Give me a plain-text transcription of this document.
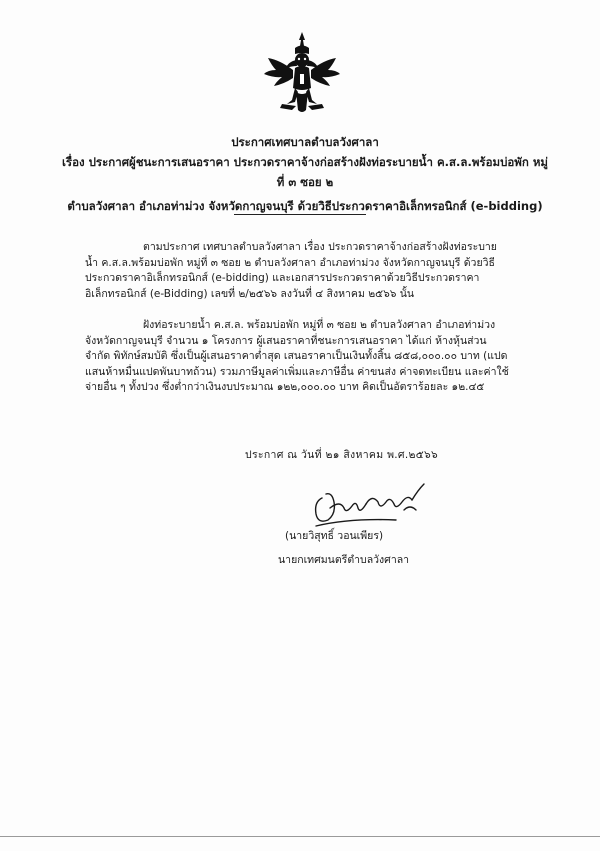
ประกาศเทศบาลตำบลวังศาลา
เรื่อง ประกาศผู้ชนะการเสนอราคา ประกวดราคาจ้างก่อสร้างฝังท่อระบายน้ำ ค.ส.ล.พร้อมบ่อพัก หมู่ที่ ๓ ซอย ๒
ตำบลวังศาลา อำเภอท่าม่วง จังหวัดกาญจนบุรี ด้วยวิธีประกวดราคาอิเล็กทรอนิกส์ (e-bidding)
ตามประกาศ เทศบาลตำบลวังศาลา เรื่อง ประกวดราคาจ้างก่อสร้างฝังท่อระบายน้ำ ค.ส.ล.พร้อมบ่อพัก หมู่ที่ ๓ ซอย ๒ ตำบลวังศาลา อำเภอท่าม่วง จังหวัดกาญจนบุรี ด้วยวิธีประกวดราคาอิเล็กทรอนิกส์ (e-bidding) และเอกสารประกวดราคาด้วยวิธีประกวดราคาอิเล็กทรอนิกส์ (e-Bidding) เลขที่ ๒/๒๕๖๖ ลงวันที่ ๔ สิงหาคม ๒๕๖๖ นั้น
ฝังท่อระบายน้ำ ค.ส.ล. พร้อมบ่อพัก หมู่ที่ ๓ ซอย ๒ ตำบลวังศาลา อำเภอท่าม่วง จังหวัดกาญจนบุรี จำนวน ๑ โครงการ ผู้เสนอราคาที่ชนะการเสนอราคา ได้แก่ ห้างหุ้นส่วนจำกัด พิทักษ์สมบัติ ซึ่งเป็นผู้เสนอราคาต่ำสุด เสนอราคาเป็นเงินทั้งสิ้น ๘๕๘,๐๐๐.๐๐ บาท (แปดแสนห้าหมื่นแปดพันบาทถ้วน) รวมภาษีมูลค่าเพิ่มและภาษีอื่น ค่าขนส่ง ค่าจดทะเบียน และค่าใช้จ่ายอื่น ๆ ทั้งปวง ซึ่งต่ำกว่าเงินงบประมาณ ๑๒๒,๐๐๐.๐๐ บาท คิดเป็นอัตราร้อยละ ๑๒.๔๕
ประกาศ ณ วันที่ ๒๑ สิงหาคม พ.ศ.๒๕๖๖
(นายวิสุทธิ์ วอนเพียร)
นายกเทศมนตรีตำบลวังศาลา
